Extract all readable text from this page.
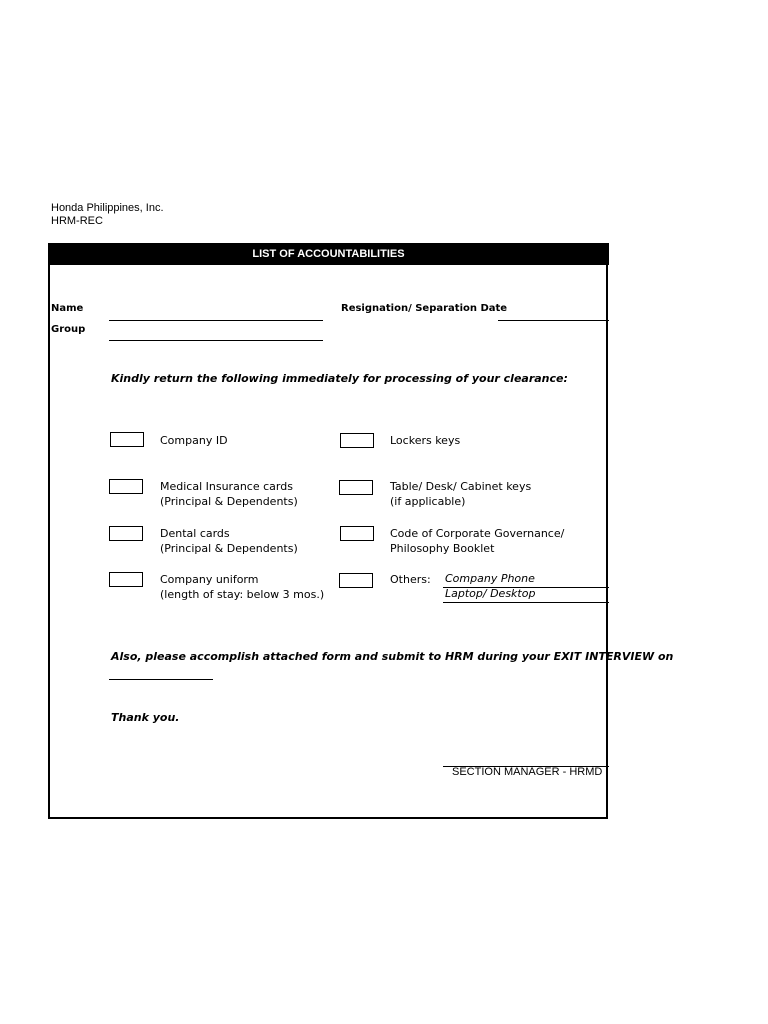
Honda Philippines, Inc.
HRM-REC
LIST OF ACCOUNTABILITIES
Name
Group
Resignation/ Separation Date
Kindly return the following immediately for processing of your clearance:
Company ID
Medical Insurance cards
(Principal & Dependents)
Dental cards
(Principal & Dependents)
Company uniform
(length of stay: below 3 mos.)
Lockers keys
Table/ Desk/ Cabinet keys
(if applicable)
Code of Corporate Governance/
Philosophy Booklet
Others: Company Phone
Laptop/ Desktop
Also, please accomplish attached form and submit to HRM during your EXIT INTERVIEW on
Thank you.
SECTION MANAGER - HRMD
